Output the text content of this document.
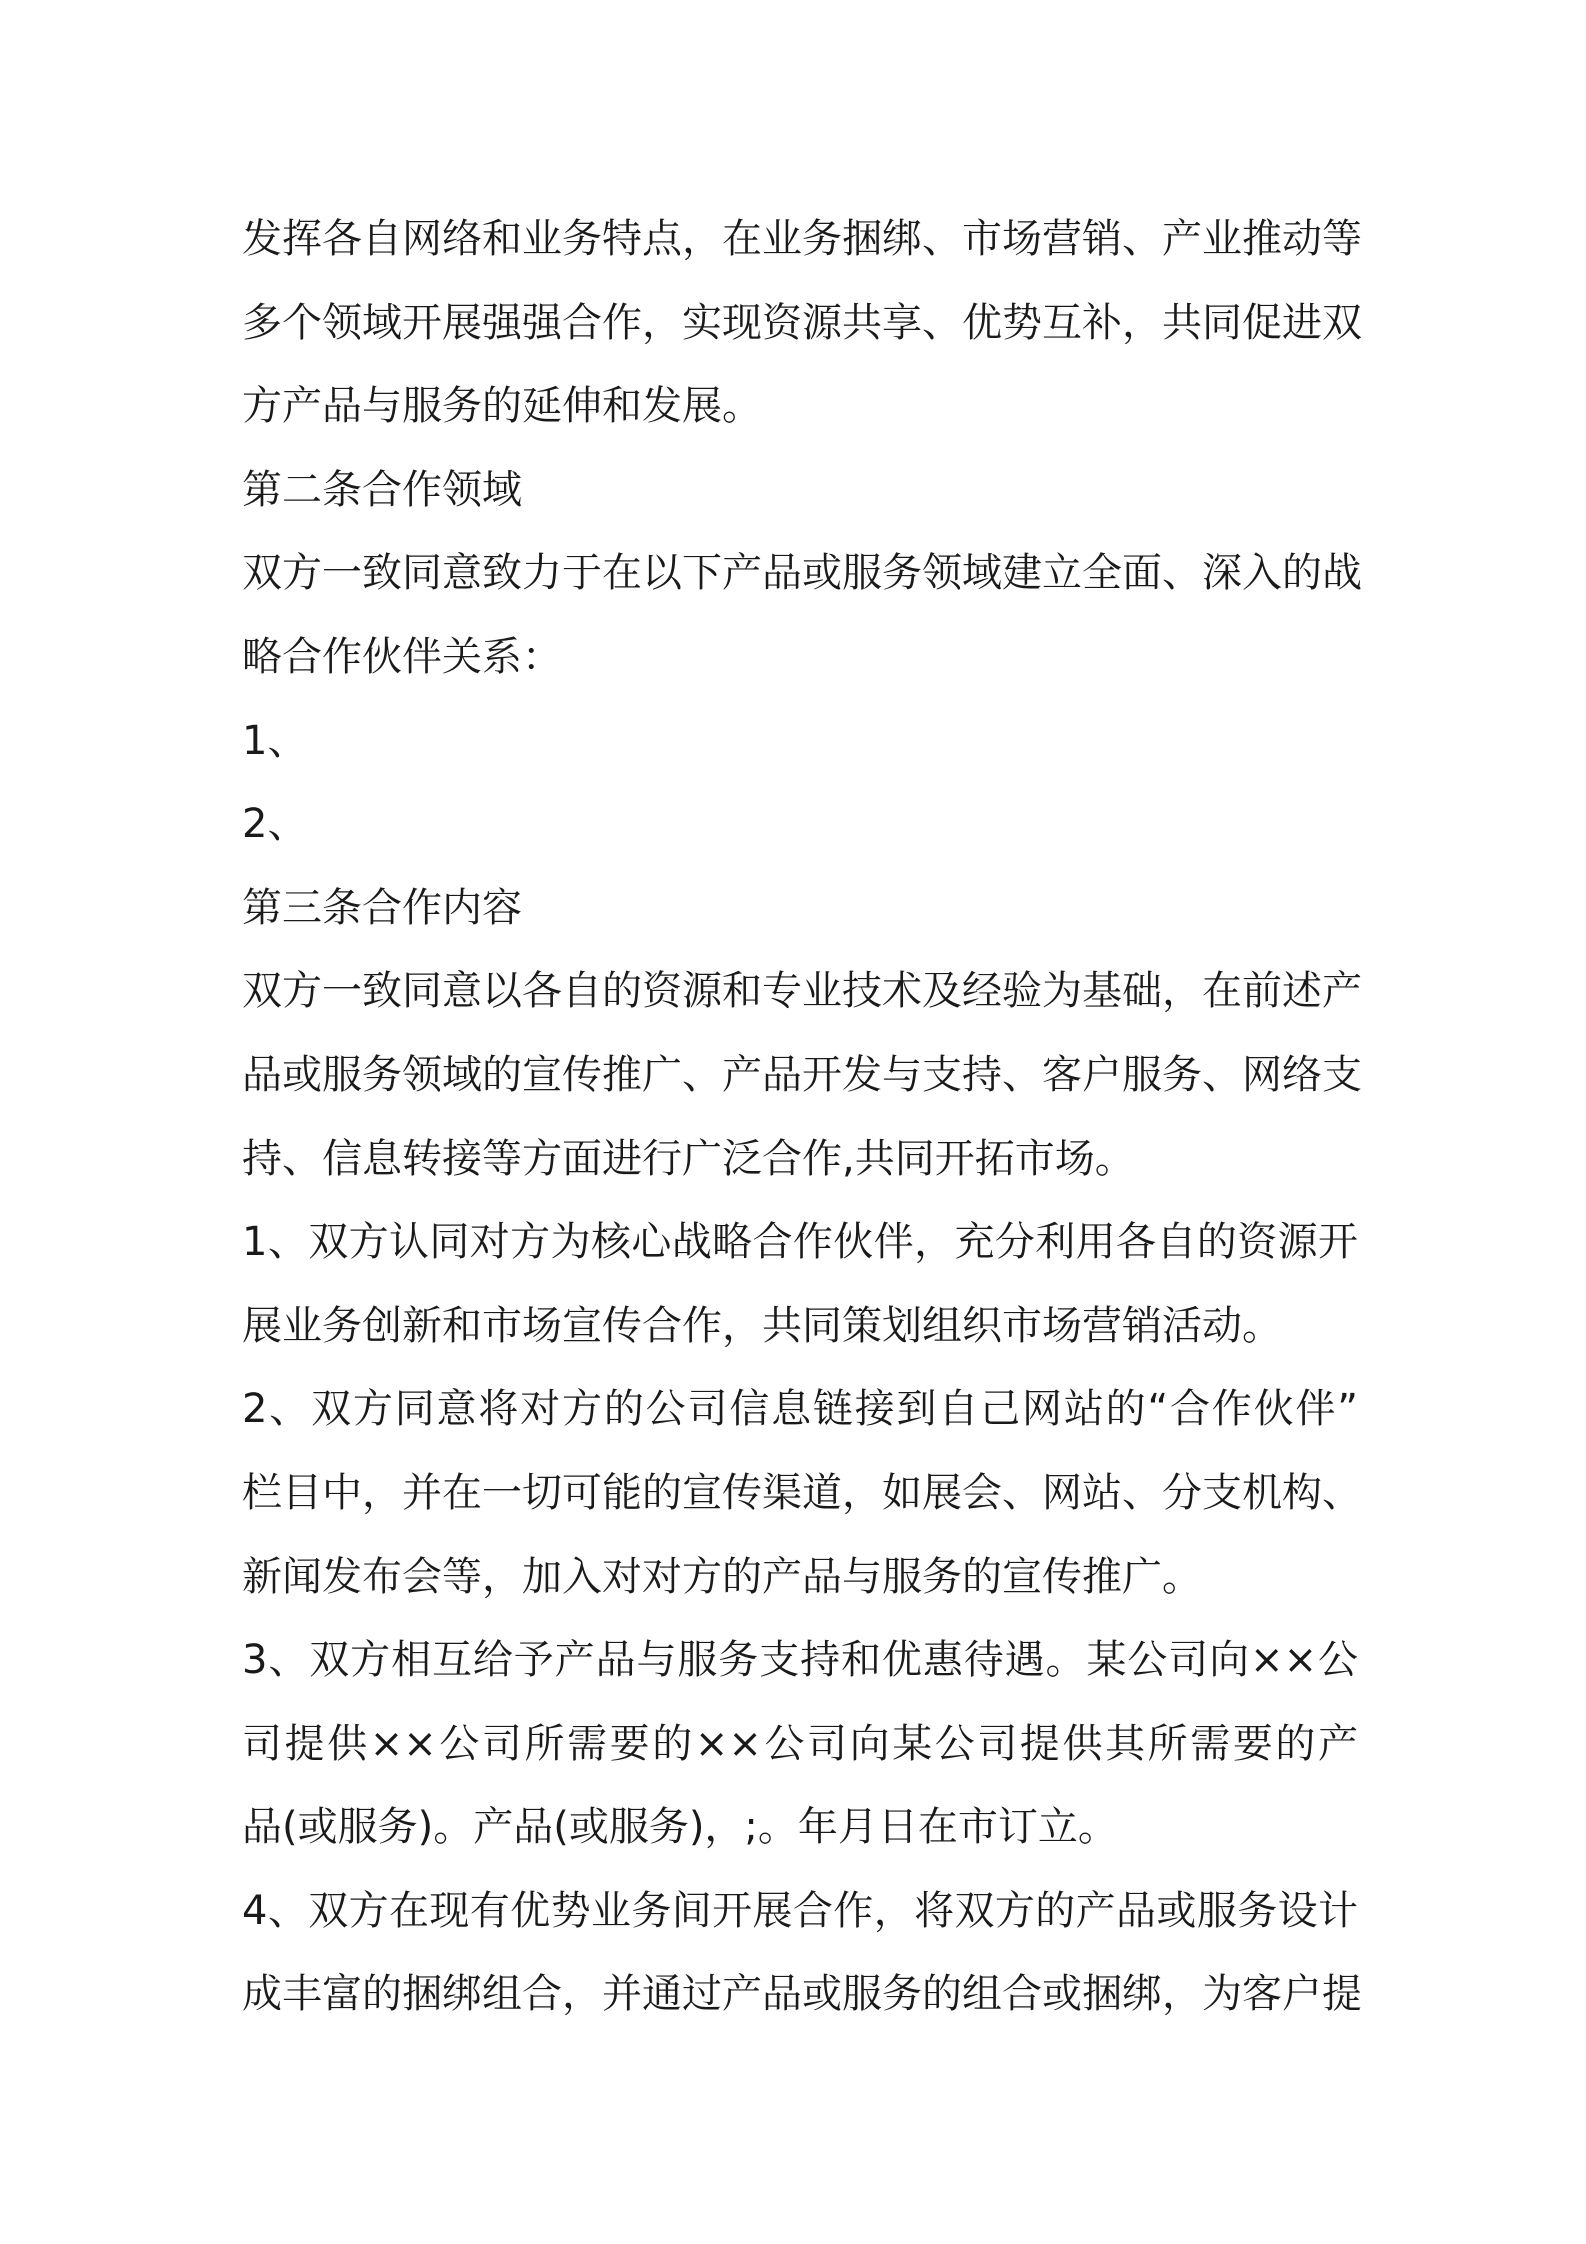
发挥各自网络和业务特点，在业务捆绑、市场营销、产业推动等
多个领域开展强强合作，实现资源共享、优势互补，共同促进双
方产品与服务的延伸和发展。
第二条合作领域
双方一致同意致力于在以下产品或服务领域建立全面、深入的战
略合作伙伴关系：
1、
2、
第三条合作内容
双方一致同意以各自的资源和专业技术及经验为基础，在前述产
品或服务领域的宣传推广、产品开发与支持、客户服务、网络支
持、信息转接等方面进行广泛合作,共同开拓市场。
1、双方认同对方为核心战略合作伙伴，充分利用各自的资源开
展业务创新和市场宣传合作，共同策划组织市场营销活动。
2、双方同意将对方的公司信息链接到自己网站的“合作伙伴”
栏目中，并在一切可能的宣传渠道，如展会、网站、分支机构、
新闻发布会等，加入对对方的产品与服务的宣传推广。
3、双方相互给予产品与服务支持和优惠待遇。某公司向××公
司提供××公司所需要的××公司向某公司提供其所需要的产
品(或服务)。产品(或服务)，;。年月日在市订立。
4、双方在现有优势业务间开展合作，将双方的产品或服务设计
成丰富的捆绑组合，并通过产品或服务的组合或捆绑，为客户提
